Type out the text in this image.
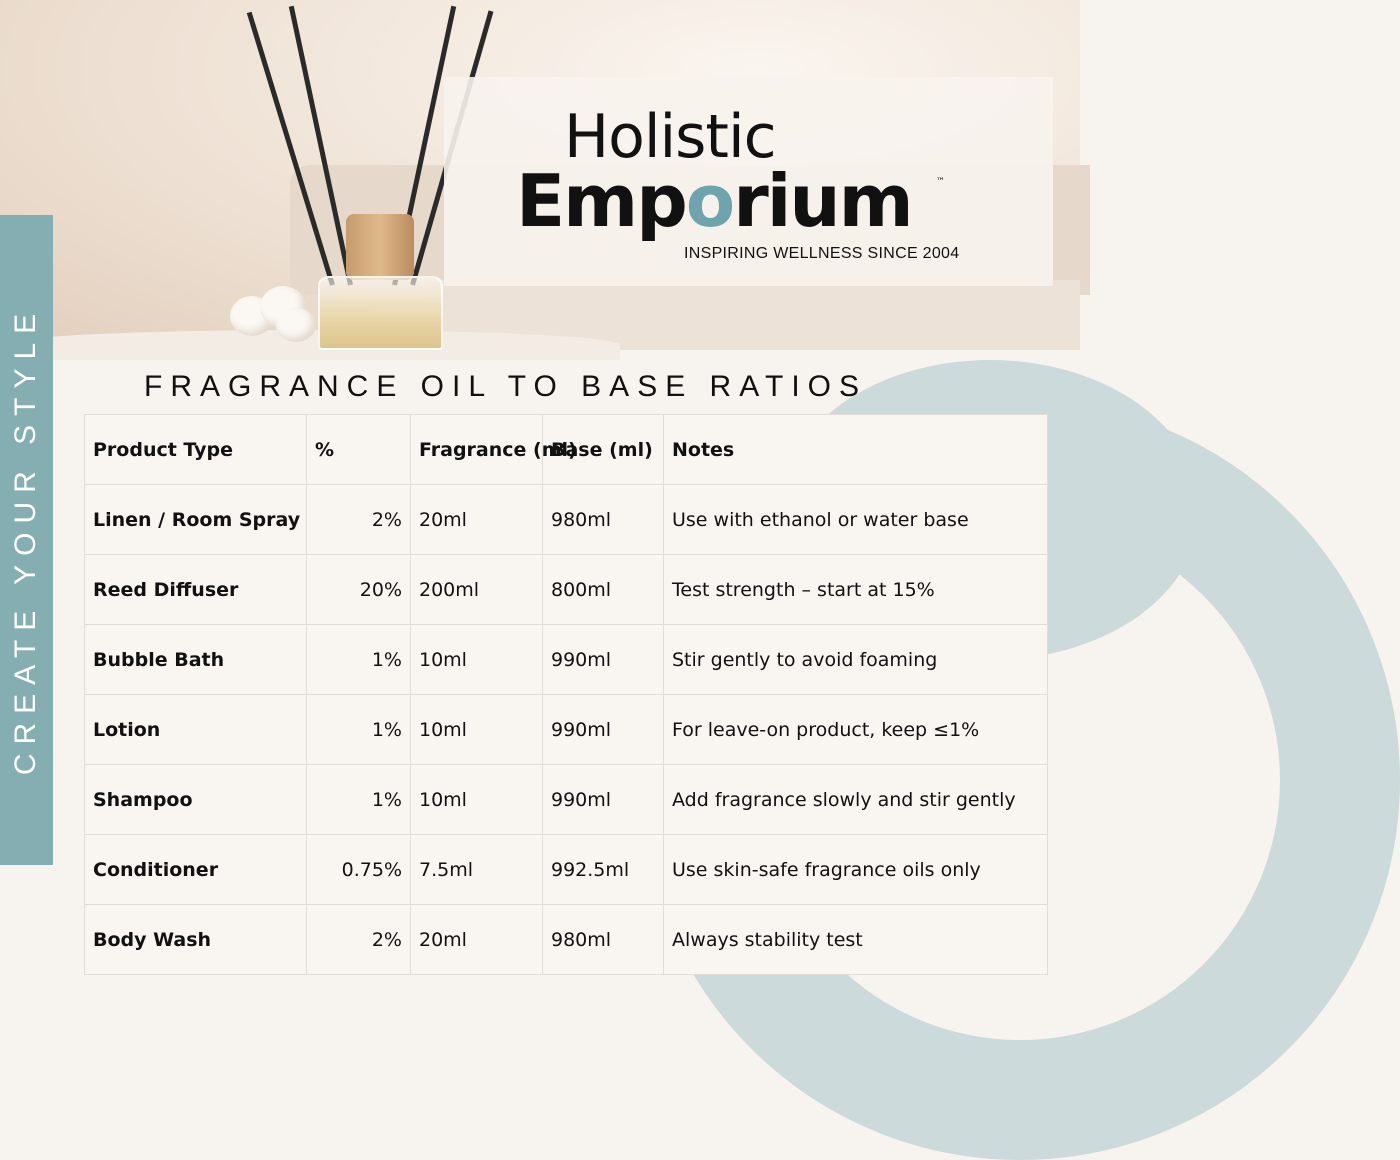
Holistic
Emporium	™
INSPIRING WELLNESS SINCE 2004
CREATE YOUR STYLE	FRAGRANCE OIL TO BASE RATIOS
Product Type	%	Fragrance (ml)	Base (ml)	Notes
Linen / Room Spray	2%	20ml	980ml	Use with ethanol or water base
Reed Diffuser	20%	200ml	800ml	Test strength – start at 15%
Bubble Bath	1%	10ml	990ml	Stir gently to avoid foaming
Lotion	1%	10ml	990ml	For leave-on product, keep ≤1%
Shampoo	1%	10ml	990ml	Add fragrance slowly and stir gently
Conditioner	0.75%	7.5ml	992.5ml	Use skin-safe fragrance oils only
Body Wash	2%	20ml	980ml	Always stability test
